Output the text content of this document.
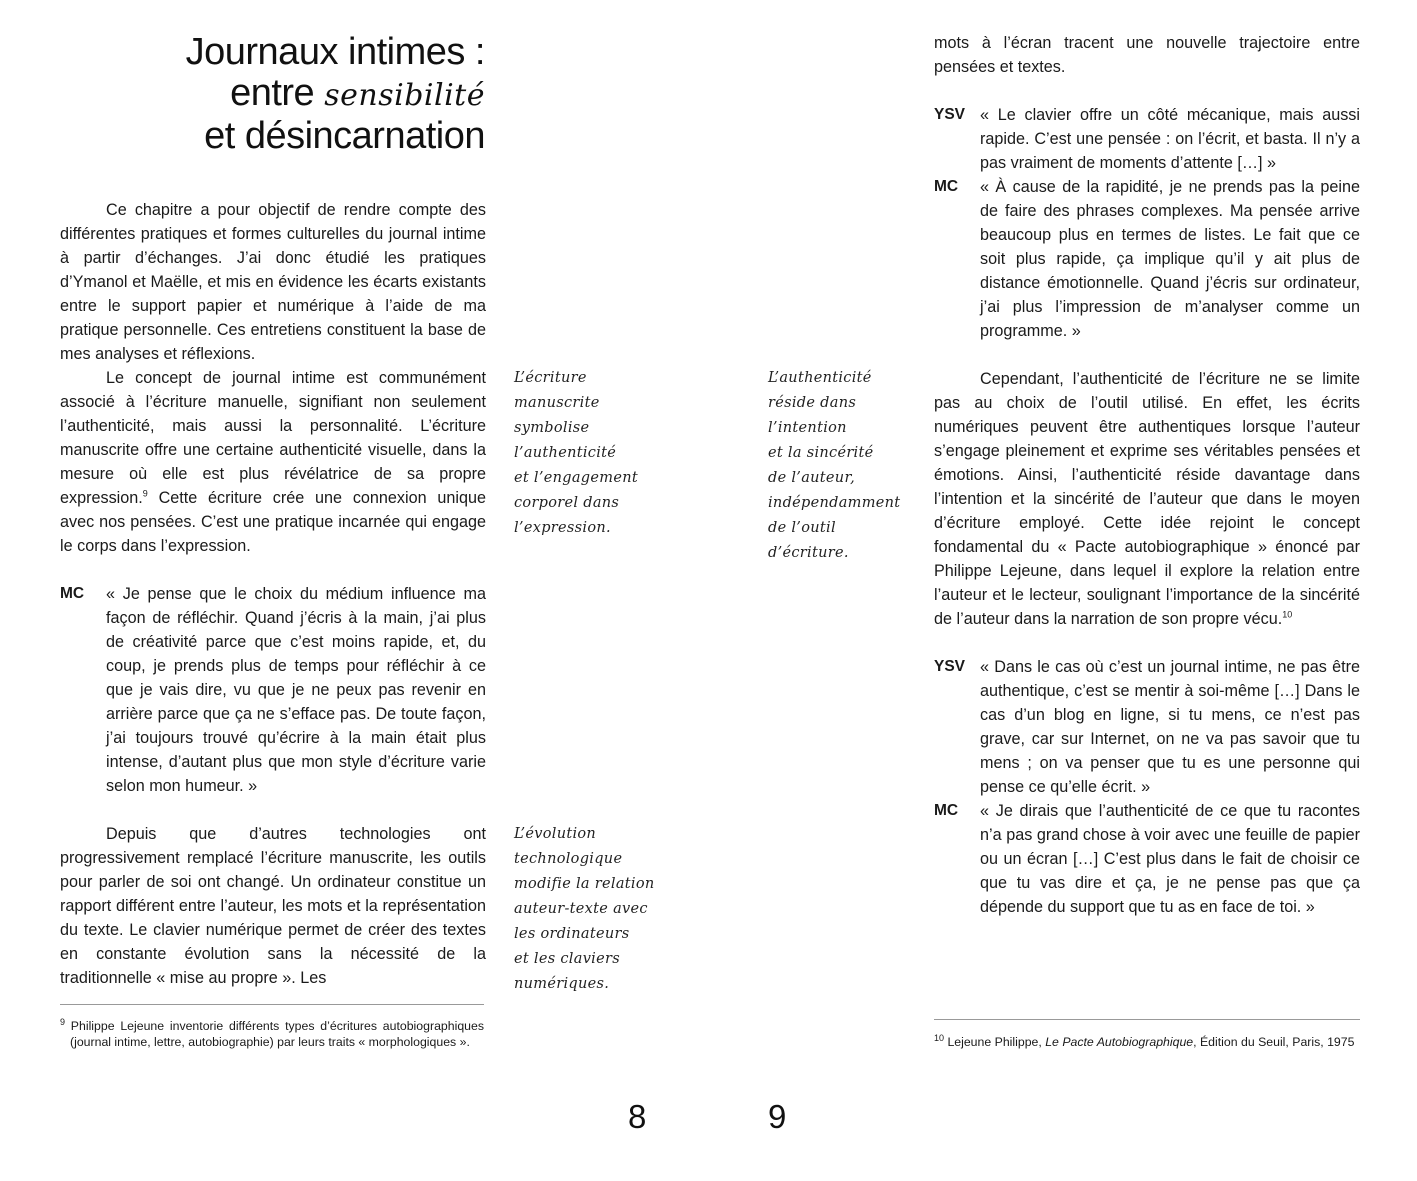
Journaux intimes :
entre sensibilité
et désincarnation

Ce chapitre a pour objectif de rendre compte des différentes pratiques et formes culturelles du journal intime à partir d’échanges. J’ai donc étudié les pratiques d’Ymanol et Maëlle, et mis en évidence les écarts existants entre le support papier et numérique à l’aide de ma pratique personnelle. Ces entretiens constituent la base de mes analyses et réflexions.

Le concept de journal intime est communément associé à l’écriture manuelle, signifiant non seulement l’authenticité, mais aussi la personnalité. L’écriture manuscrite offre une certaine authenticité visuelle, dans la mesure où elle est plus révélatrice de sa propre expression.$^9$ Cette écriture crée une connexion unique avec nos pensées. C’est une pratique incarnée qui engage le corps dans l’expression.

MC	« Je pense que le choix du médium influence ma façon de réfléchir. Quand j’écris à la main, j’ai plus de créativité parce que c’est moins rapide, et, du coup, je prends plus de temps pour réfléchir à ce que je vais dire, vu que je ne peux pas revenir en arrière parce que ça ne s’efface pas. De toute façon, j’ai toujours trouvé qu’écrire à la main était plus intense, d’autant plus que mon style d’écriture varie selon mon humeur. »

Depuis que d’autres technologies ont progressivement remplacé l’écriture manuscrite, les outils pour parler de soi ont changé. Un ordinateur constitue un rapport différent entre l’auteur, les mots et la représentation du texte. Le clavier numérique permet de créer des textes en constante évolution sans la nécessité de la traditionnelle « mise au propre ». Les

$^9$ Philippe Lejeune inventorie différents types d’écritures autobiographiques (journal intime, lettre, autobiographie) par leurs traits « morphologiques ».
8
L’écriture
manuscrite
symbolise
l’authenticité
et l’engagement
corporel dans
l’expression.
L’authenticité
réside dans
l’intention
et la sincérité
de l’auteur,
indépendamment
de l’outil
d’écriture.
L’évolution
technologique
modifie la relation
auteur-texte avec
les ordinateurs
et les claviers
numériques.

mots à l’écran tracent une nouvelle trajectoire entre pensées et textes.

YSV « Le clavier offre un côté mécanique, mais aussi rapide. C’est une pensée : on l’écrit, et basta. Il n’y a pas vraiment de moments d’attente […] »

MC	« À cause de la rapidité, je ne prends pas la peine de faire des phrases complexes. Ma pensée arrive beaucoup plus en termes de listes. Le fait que ce soit plus rapide, ça implique qu’il y ait plus de distance émotionnelle. Quand j’écris sur ordinateur, j’ai plus l’impression de m’analyser comme un programme. »

Cependant, l’authenticité de l’écriture ne se limite pas au choix de l’outil utilisé. En effet, les écrits numériques peuvent être authentiques lorsque l’auteur s’engage pleinement et exprime ses véritables pensées et émotions. Ainsi, l’authenticité réside davantage dans l’intention et la sincérité de l’auteur que dans le moyen d’écriture employé. Cette idée rejoint le concept fondamental du « Pacte autobiographique » énoncé par Philippe Lejeune, dans lequel il explore la relation entre l’auteur et le lecteur, soulignant l’importance de la sincérité de l’auteur dans la narration de son propre vécu.$^{10}$

YSV « Dans le cas où c’est un journal intime, ne pas être authentique, c’est se mentir à soi-même […] Dans le cas d’un blog en ligne, si tu mens, ce n’est pas grave, car sur Internet, on ne va pas savoir que tu mens ; on va penser que tu es une personne qui pense ce qu’elle écrit. »

MC	« Je dirais que l’authenticité de ce que tu racontes n’a pas grand chose à voir avec une feuille de papier ou un écran […] C’est plus dans le fait de choisir ce que tu vas dire et ça, je ne pense pas que ça dépende du support que tu as en face de toi. »

$^{10}$ Lejeune Philippe, Le Pacte Autobiographique, Édition du Seuil, Paris, 1975
9
